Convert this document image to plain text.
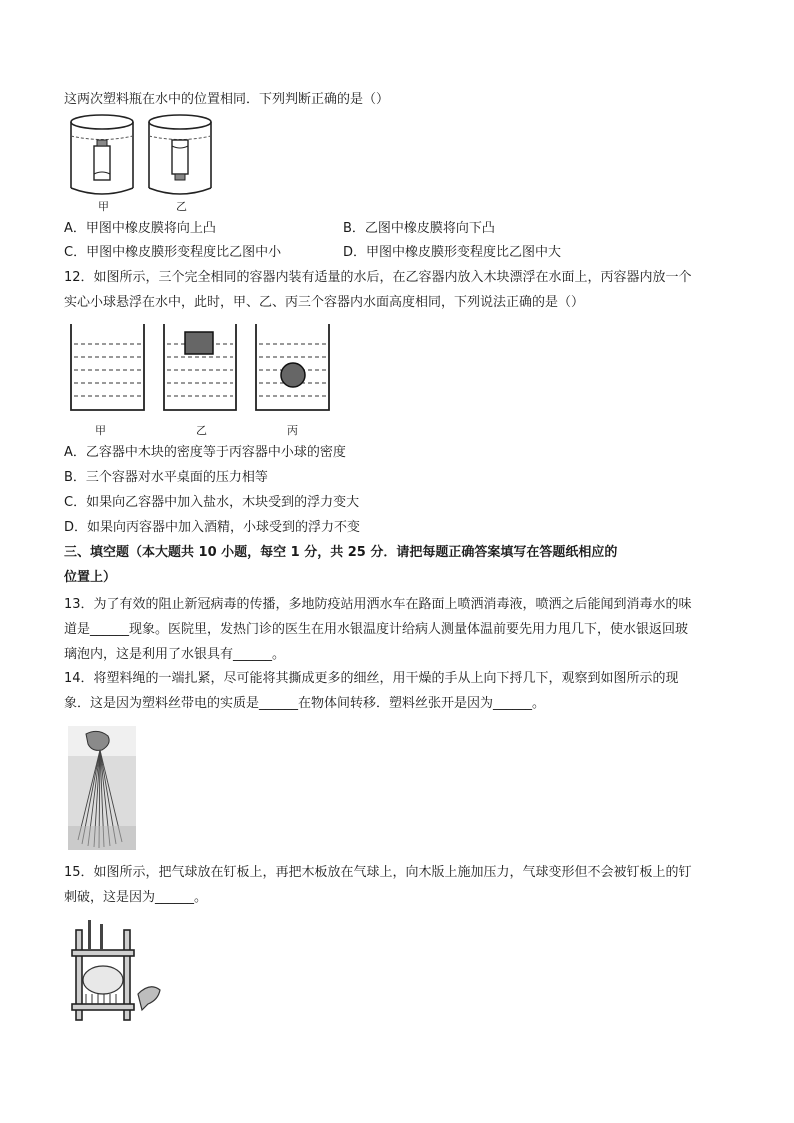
这两次塑料瓶在水中的位置相同．下列判断正确的是（）
甲	乙
A．甲图中橡皮膜将向上凸	B．乙图中橡皮膜将向下凸
C．甲图中橡皮膜形变程度比乙图中小	D．甲图中橡皮膜形变程度比乙图中大
12．如图所示，三个完全相同的容器内装有适量的水后，在乙容器内放入木块漂浮在水面上，丙容器内放一个
实心小球悬浮在水中，此时，甲、乙、丙三个容器内水面高度相同，下列说法正确的是（）
甲	乙	丙
A．乙容器中木块的密度等于丙容器中小球的密度
B．三个容器对水平桌面的压力相等
C．如果向乙容器中加入盐水，木块受到的浮力变大
D．如果向丙容器中加入酒精，小球受到的浮力不变
三、填空题（本大题共 10 小题，每空 1 分，共 25 分．请把每题正确答案填写在答题纸相应的
位置上）
13．为了有效的阻止新冠病毒的传播，多地防疫站用洒水车在路面上喷洒消毒液，喷洒之后能闻到消毒水的味
道是______现象。医院里，发热门诊的医生在用水银温度计给病人测量体温前要先用力甩几下，使水银返回玻
璃泡内，这是利用了水银具有______。
14．将塑料绳的一端扎紧，尽可能将其撕成更多的细丝，用干燥的手从上向下捋几下，观察到如图所示的现
象．这是因为塑料丝带电的实质是______在物体间转移．塑料丝张开是因为______。
15．如图所示，把气球放在钉板上，再把木板放在气球上，向木版上施加压力，气球变形但不会被钉板上的钉
刺破，这是因为______。
